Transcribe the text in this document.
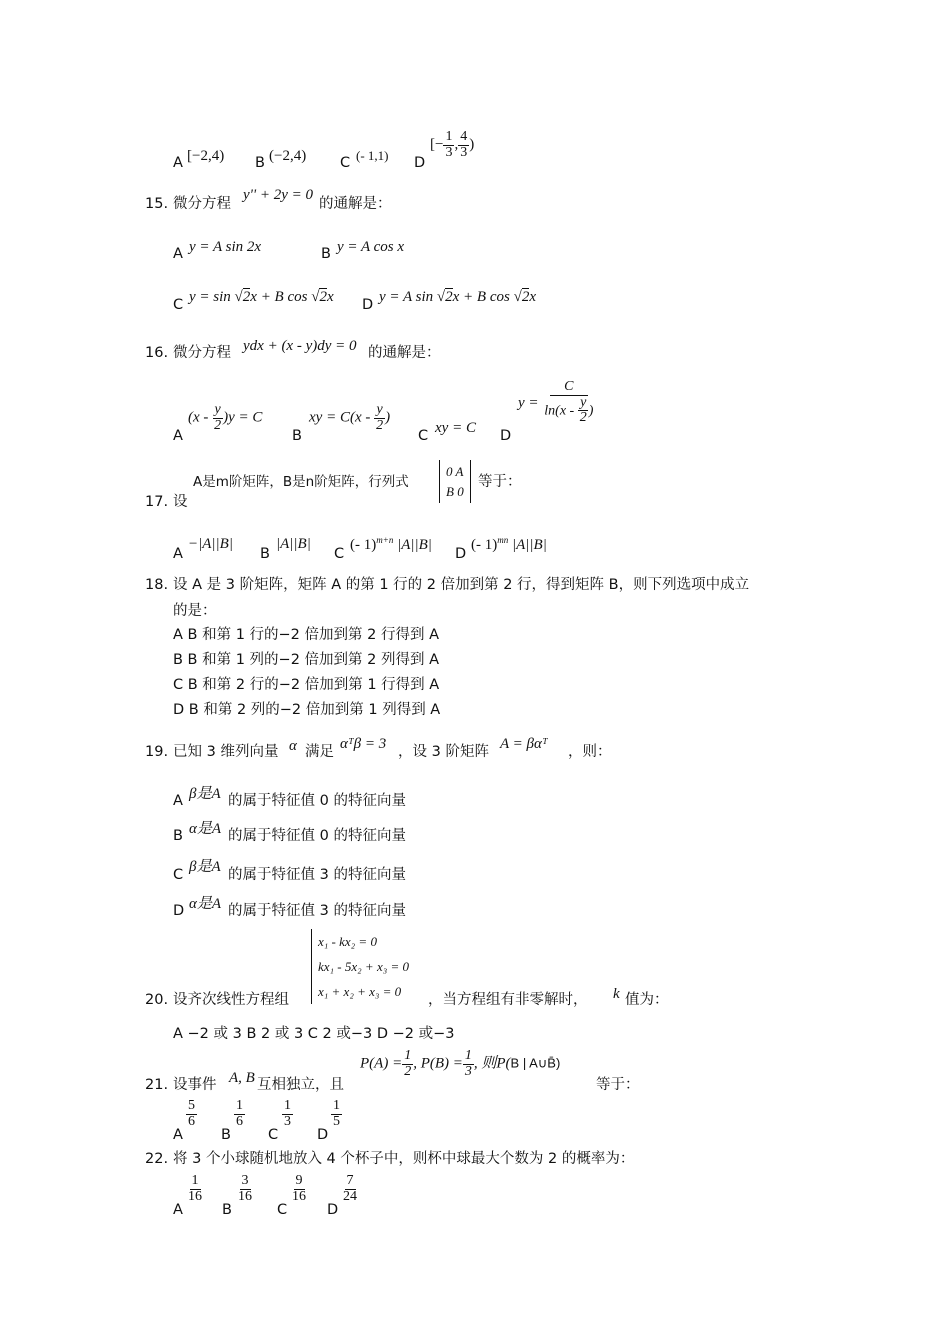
A [−2,4) B (−2,4) C (- 1,1) D
[− $\frac{1}{3}$ , $\frac{4}{3}$ )
15. 微分方程
y'' + 2y = 0
的通解是：
A y = A sin 2x	B y = A cos x
C y = sin √2x + B cos √2x D y = A sin √2x + B cos √2x
16. 微分方程 ydx + (x - y)dy = 0 的通解是：
A
$(x - \frac{y}{2} )y = C$
B
xy = $C(x - \frac{y}{2}$ )
C xy = C D
$y = \frac{C}{\ln(x - \frac{y}{2} )}$
A是m阶矩阵，B是n阶矩阵，行列式
0 A
B 0
等于：
17. 设
A
−|A||B|
B
|A||B|
C
(- 1)$^{m+n}$ |A||B|
D
(- 1)$^{mn}$ |A||B|
18. 设 A 是 3 阶矩阵，矩阵 A 的第 1 行的 2 倍加到第 2 行，得到矩阵 B，则下列选项中成立
的是：
A B 和第 1 行的−2 倍加到第 2 行得到 A
B B 和第 1 列的−2 倍加到第 2 列得到 A
C B 和第 2 行的−2 倍加到第 1 行得到 A
D B 和第 2 列的−2 倍加到第 1 列得到 A
19. 已知 3 维列向量 α 满足 αᵀβ = 3 ，设 3 阶矩阵 A = βαᵀ ，则：
A β是A 的属于特征值 0 的特征向量
B α是A 的属于特征值 0 的特征向量
C β是A 的属于特征值 3 的特征向量
D α是A 的属于特征值 3 的特征向量
x₁ - kx₂ = 0
kx₁ - 5x₂ + x₃ = 0
x₁ + x₂ + x₃ = 0
20. 设齐次线性方程组	，当方程组有非零解时， k 值为：
A −2 或 3 B 2 或 3 C 2 或−3 D −2 或−3
$P(A) = \frac{1}{2}$ , $P(B) = \frac{1}{3}$ , 则P(B | A∪B̄)
21. 设事件 A, B 互相独立，且	等于：
A
$\frac{5}{6}$
B
$\frac{1}{6}$
C
$\frac{1}{3}$
D
$\frac{1}{5}$
22. 将 3 个小球随机地放入 4 个杯子中，则杯中球最大个数为 2 的概率为：
A
$\frac{1}{16}$
B
$\frac{3}{16}$
C
$\frac{9}{16}$
D
$\frac{7}{24}$
